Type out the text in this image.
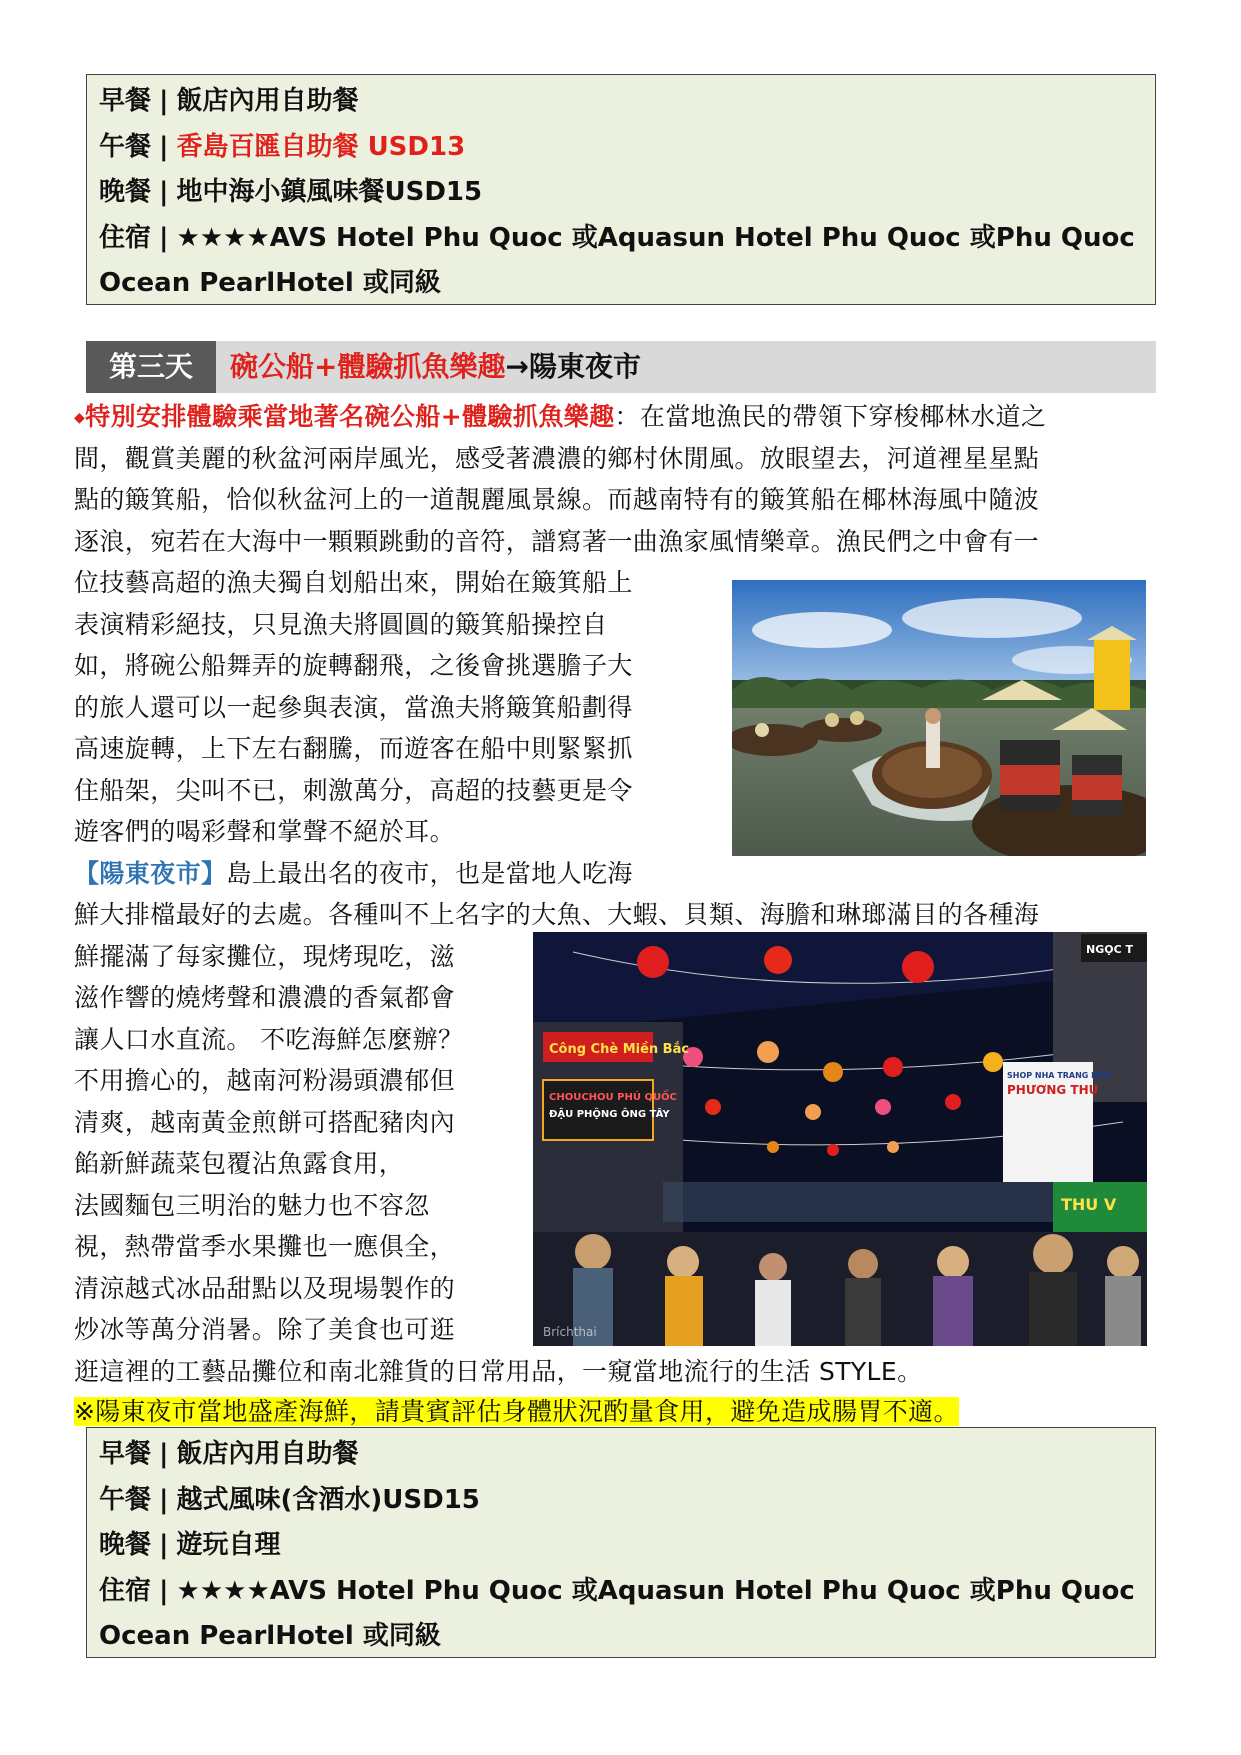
早餐 | 飯店內用自助餐
午餐 | 香島百匯自助餐 USD13
晚餐 | 地中海小鎮風味餐USD15
住宿 | ★★★★AVS Hotel Phu Quoc 或Aquasun Hotel Phu Quoc 或Phu Quoc Ocean PearlHotel 或同級
第三天	碗公船+體驗抓魚樂趣→陽東夜市
◆特別安排體驗乘當地著名碗公船+體驗抓魚樂趣：在當地漁民的帶領下穿梭椰林水道之
間，觀賞美麗的秋盆河兩岸風光，感受著濃濃的鄉村休閒風。放眼望去，河道裡星星點
點的簸箕船，恰似秋盆河上的一道靚麗風景線。而越南特有的簸箕船在椰林海風中隨波
逐浪，宛若在大海中一顆顆跳動的音符，譜寫著一曲漁家風情樂章。漁民們之中會有一
位技藝高超的漁夫獨自划船出來，開始在簸箕船上
表演精彩絕技，只見漁夫將圓圓的簸箕船操控自
如，將碗公船舞弄的旋轉翻飛，之後會挑選膽子大
的旅人還可以一起參與表演，當漁夫將簸箕船劃得
高速旋轉，上下左右翻騰，而遊客在船中則緊緊抓
住船架，尖叫不已，刺激萬分，高超的技藝更是令
遊客們的喝彩聲和掌聲不絕於耳。
【陽東夜市】島上最出名的夜市，也是當地人吃海
鮮大排檔最好的去處。各種叫不上名字的大魚、大蝦、貝類、海膽和琳瑯滿目的各種海
鮮擺滿了每家攤位，現烤現吃，滋
滋作響的燒烤聲和濃濃的香氣都會
讓人口水直流。 不吃海鮮怎麼辦？
不用擔心的，越南河粉湯頭濃郁但
清爽，越南黃金煎餅可搭配豬肉內
餡新鮮蔬菜包覆沾魚露食用，
法國麵包三明治的魅力也不容忽
視，熱帶當季水果攤也一應俱全，
清涼越式冰品甜點以及現場製作的
炒冰等萬分消暑。除了美食也可逛
逛這裡的工藝品攤位和南北雜貨的日常用品，一窺當地流行的生活 STYLE。
Công Chè Miền Bắc
CHOUCHOU PHÚ QUỐC
ĐẬU PHỘNG ÔNG TÂY
NGỌC T
SHOP NHA TRANG BIỂN
PHƯƠNG THU
THU V
Bríchthai
※陽東夜市當地盛產海鮮，請貴賓評估身體狀況酌量食用，避免造成腸胃不適。
早餐 | 飯店內用自助餐
午餐 | 越式風味(含酒水)USD15
晚餐 | 遊玩自理
住宿 | ★★★★AVS Hotel Phu Quoc 或Aquasun Hotel Phu Quoc 或Phu Quoc Ocean PearlHotel 或同級
